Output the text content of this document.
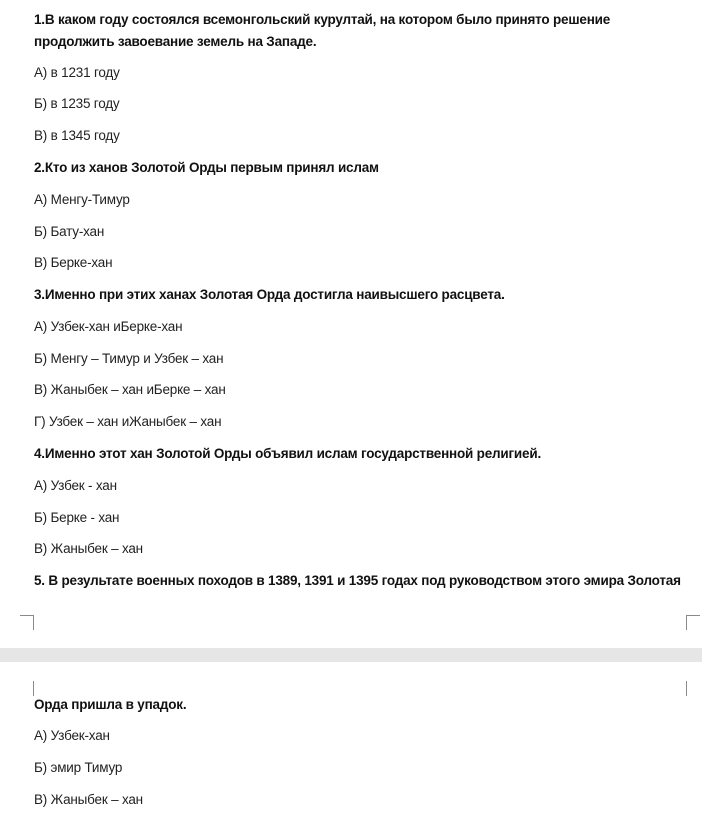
1.В каком году состоялся всемонгольский курултай, на котором было принято решение продолжить завоевание земель на Западе.
А) в 1231 году
Б) в 1235 году
В) в 1345 году
2.Кто из ханов Золотой Орды первым принял ислам
А) Менгу-Тимур
Б) Бату-хан
В) Берке-хан
3.Именно при этих ханах Золотая Орда достигла наивысшего расцвета.
А) Узбек-хан иБерке-хан
Б) Менгу – Тимур и Узбек – хан
В) Жаныбек – хан иБерке – хан
Г) Узбек – хан иЖаныбек – хан
4.Именно этот хан Золотой Орды объявил ислам государственной религией.
А) Узбек - хан
Б) Берке - хан
В) Жаныбек – хан
5. В результате военных походов в 1389, 1391 и 1395 годах под руководством этого эмира Золотая
Орда пришла в упадок.
А) Узбек-хан
Б) эмир Тимур
В) Жаныбек – хан
